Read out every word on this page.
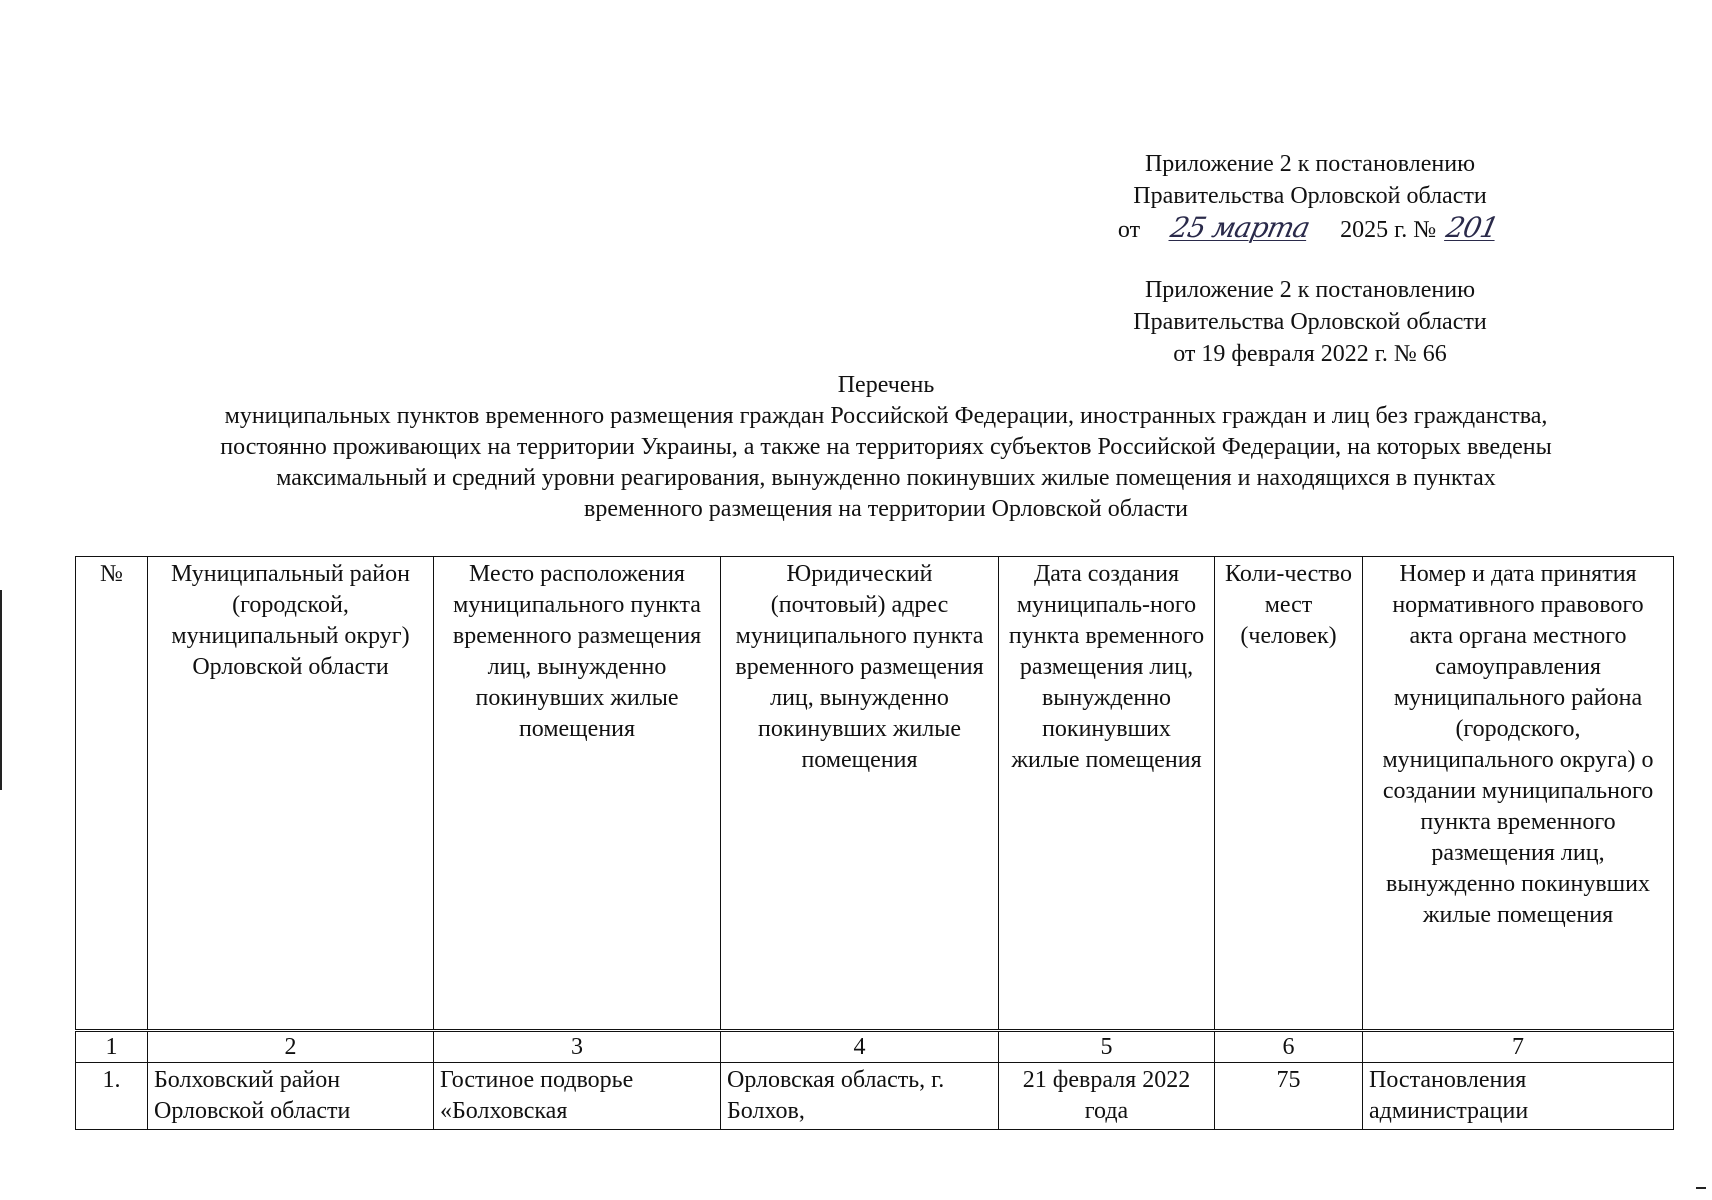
Приложение 2 к постановлению
Правительства Орловской области
от 25 марта 2025 г. № 201
Приложение 2 к постановлению
Правительства Орловской области
от 19 февраля 2022 г. № 66
Перечень
муниципальных пунктов временного размещения граждан Российской Федерации, иностранных граждан и лиц без гражданства,
постоянно проживающих на территории Украины, а также на территориях субъектов Российской Федерации, на которых введены
максимальный и средний уровни реагирования, вынужденно покинувших жилые помещения и находящихся в пунктах
временного размещения на территории Орловской области
№	Муниципальный район (городской, муниципальный округ) Орловской области	Место расположения муниципального пункта временного размещения лиц, вынужденно покинувших жилые помещения	Юридический (почтовый) адрес муниципального пункта временного размещения лиц, вынужденно покинувших жилые помещения	Дата создания муниципаль-ного пункта временного размещения лиц, вынужденно покинувших жилые помещения	Коли-чество мест (человек)	Номер и дата принятия нормативного правового акта органа местного самоуправления муниципального района (городского, муниципального округа) о создании муниципального пункта временного размещения лиц, вынужденно покинувших жилые помещения
1	2	3	4	5	6	7
1.	Болховский район Орловской области	Гостиное подворье «Болховская	Орловская область, г. Болхов,	21 февраля 2022 года	75	Постановления администрации
